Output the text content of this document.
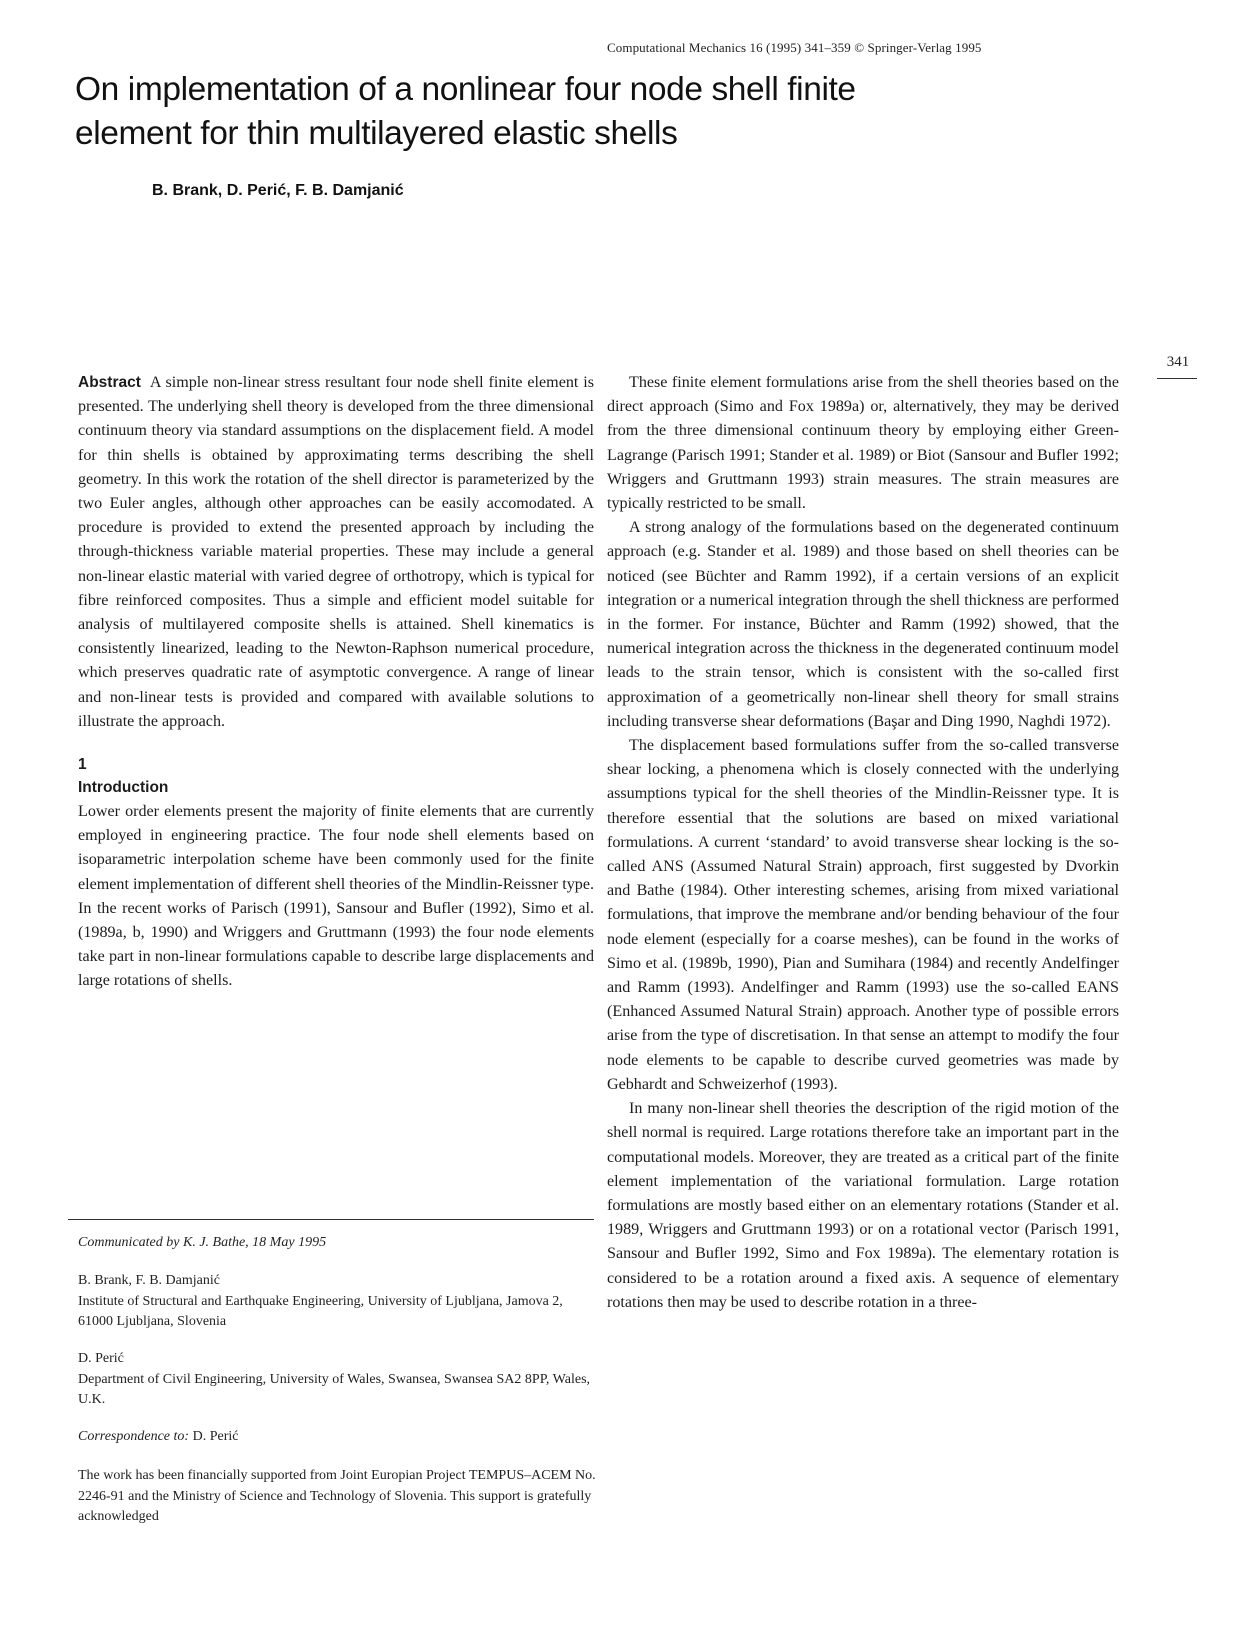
Computational Mechanics 16 (1995) 341–359 © Springer-Verlag 1995
On implementation of a nonlinear four node shell finite element for thin multilayered elastic shells
B. Brank, D. Perić, F. B. Damjanić
341

Abstract A simple non-linear stress resultant four node shell finite element is presented. The underlying shell theory is developed from the three dimensional continuum theory via standard assumptions on the displacement field. A model for thin shells is obtained by approximating terms describing the shell geometry. In this work the rotation of the shell director is parameterized by the two Euler angles, although other approaches can be easily accomodated. A procedure is provided to extend the presented approach by including the through-thickness variable material properties. These may include a general non-linear elastic material with varied degree of orthotropy, which is typical for fibre reinforced composites. Thus a simple and efficient model suitable for analysis of multilayered composite shells is attained. Shell kinematics is consistently linearized, leading to the Newton-Raphson numerical procedure, which preserves quadratic rate of asymptotic convergence. A range of linear and non-linear tests is provided and compared with available solutions to illustrate the approach.

1
Introduction

Lower order elements present the majority of finite elements that are currently employed in engineering practice. The four node shell elements based on isoparametric interpolation scheme have been commonly used for the finite element implementation of different shell theories of the Mindlin-Reissner type. In the recent works of Parisch (1991), Sansour and Bufler (1992), Simo et al. (1989a, b, 1990) and Wriggers and Gruttmann (1993) the four node elements take part in non-linear formulations capable to describe large displacements and large rotations of shells.

Communicated by K. J. Bathe, 18 May 1995
B. Brank, F. B. Damjanić
Institute of Structural and Earthquake Engineering, University of Ljubljana, Jamova 2, 61000 Ljubljana, Slovenia
D. Perić
Department of Civil Engineering, University of Wales, Swansea, Swansea SA2 8PP, Wales, U.K.
Correspondence to: D. Perić
The work has been financially supported from Joint Europian Project TEMPUS–ACEM No. 2246-91 and the Ministry of Science and Technology of Slovenia. This support is gratefully acknowledged

These finite element formulations arise from the shell theories based on the direct approach (Simo and Fox 1989a) or, alternatively, they may be derived from the three dimensional continuum theory by employing either Green-Lagrange (Parisch 1991; Stander et al. 1989) or Biot (Sansour and Bufler 1992; Wriggers and Gruttmann 1993) strain measures. The strain measures are typically restricted to be small.

A strong analogy of the formulations based on the degenerated continuum approach (e.g. Stander et al. 1989) and those based on shell theories can be noticed (see Büchter and Ramm 1992), if a certain versions of an explicit integration or a numerical integration through the shell thickness are performed in the former. For instance, Büchter and Ramm (1992) showed, that the numerical integration across the thickness in the degenerated continuum model leads to the strain tensor, which is consistent with the so-called first approximation of a geometrically non-linear shell theory for small strains including transverse shear deformations (Başar and Ding 1990, Naghdi 1972).

The displacement based formulations suffer from the so-called transverse shear locking, a phenomena which is closely connected with the underlying assumptions typical for the shell theories of the Mindlin-Reissner type. It is therefore essential that the solutions are based on mixed variational formulations. A current ‘standard’ to avoid transverse shear locking is the so-called ANS (Assumed Natural Strain) approach, first suggested by Dvorkin and Bathe (1984). Other interesting schemes, arising from mixed variational formulations, that improve the membrane and/or bending behaviour of the four node element (especially for a coarse meshes), can be found in the works of Simo et al. (1989b, 1990), Pian and Sumihara (1984) and recently Andelfinger and Ramm (1993). Andelfinger and Ramm (1993) use the so-called EANS (Enhanced Assumed Natural Strain) approach. Another type of possible errors arise from the type of discretisation. In that sense an attempt to modify the four node elements to be capable to describe curved geometries was made by Gebhardt and Schweizerhof (1993).

In many non-linear shell theories the description of the rigid motion of the shell normal is required. Large rotations therefore take an important part in the computational models. Moreover, they are treated as a critical part of the finite element implementation of the variational formulation. Large rotation formulations are mostly based either on an elementary rotations (Stander et al. 1989, Wriggers and Gruttmann 1993) or on a rotational vector (Parisch 1991, Sansour and Bufler 1992, Simo and Fox 1989a). The elementary rotation is considered to be a rotation around a fixed axis. A sequence of elementary rotations then may be used to describe rotation in a three-
